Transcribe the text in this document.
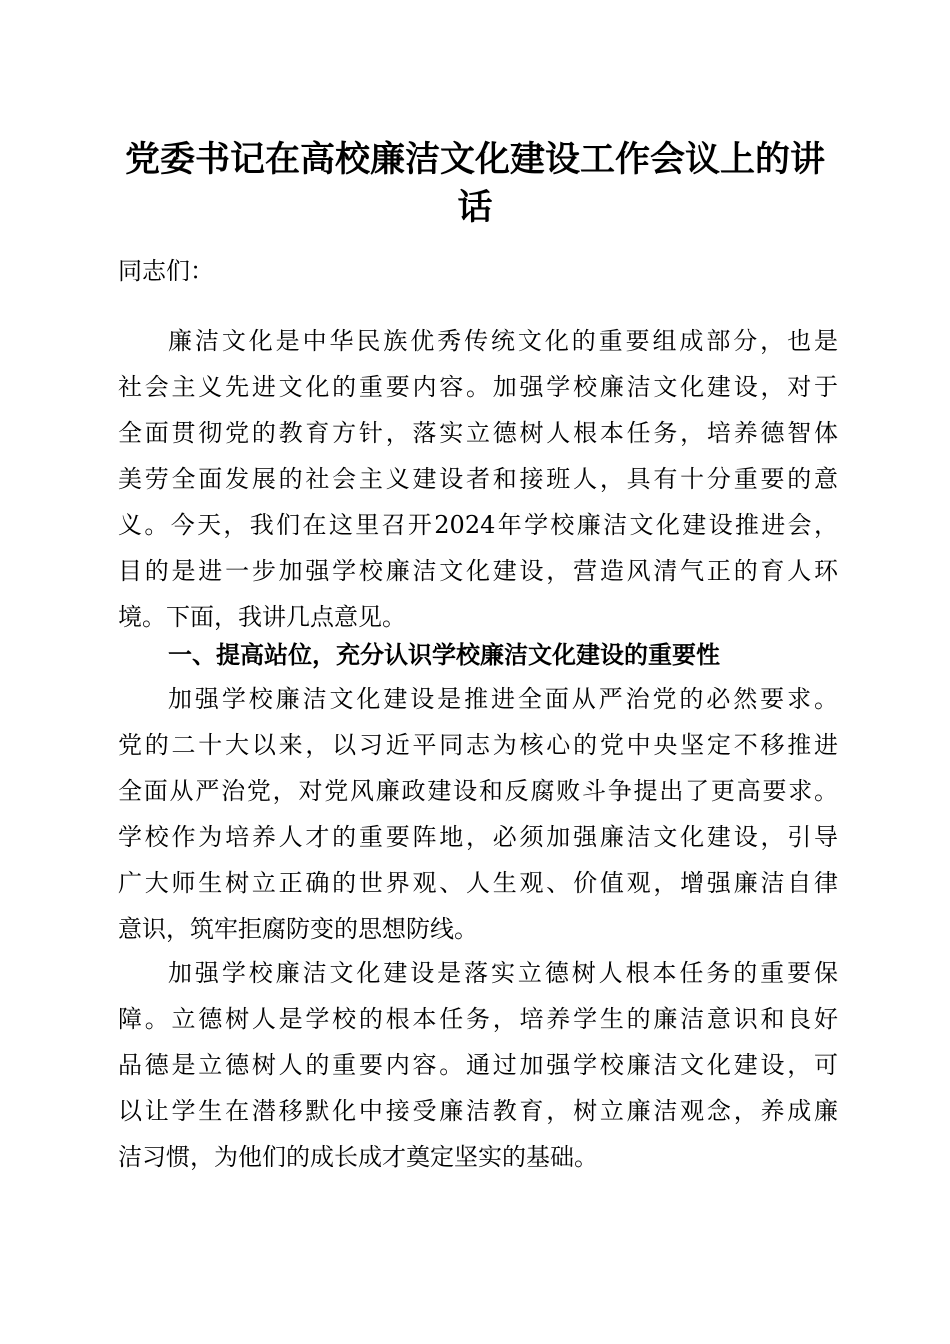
党委书记在高校廉洁文化建设工作会议上的讲
话
同志们：
廉洁文化是中华民族优秀传统文化的重要组成部分，也是
社会主义先进文化的重要内容。加强学校廉洁文化建设，对于
全面贯彻党的教育方针，落实立德树人根本任务，培养德智体
美劳全面发展的社会主义建设者和接班人，具有十分重要的意
义。今天，我们在这里召开2024年学校廉洁文化建设推进会，
目的是进一步加强学校廉洁文化建设，营造风清气正的育人环
境。下面，我讲几点意见。
一、提高站位，充分认识学校廉洁文化建设的重要性
加强学校廉洁文化建设是推进全面从严治党的必然要求。
党的二十大以来，以习近平同志为核心的党中央坚定不移推进
全面从严治党，对党风廉政建设和反腐败斗争提出了更高要求。
学校作为培养人才的重要阵地，必须加强廉洁文化建设，引导
广大师生树立正确的世界观、人生观、价值观，增强廉洁自律
意识，筑牢拒腐防变的思想防线。
加强学校廉洁文化建设是落实立德树人根本任务的重要保
障。立德树人是学校的根本任务，培养学生的廉洁意识和良好
品德是立德树人的重要内容。通过加强学校廉洁文化建设，可
以让学生在潜移默化中接受廉洁教育，树立廉洁观念，养成廉
洁习惯，为他们的成长成才奠定坚实的基础。
